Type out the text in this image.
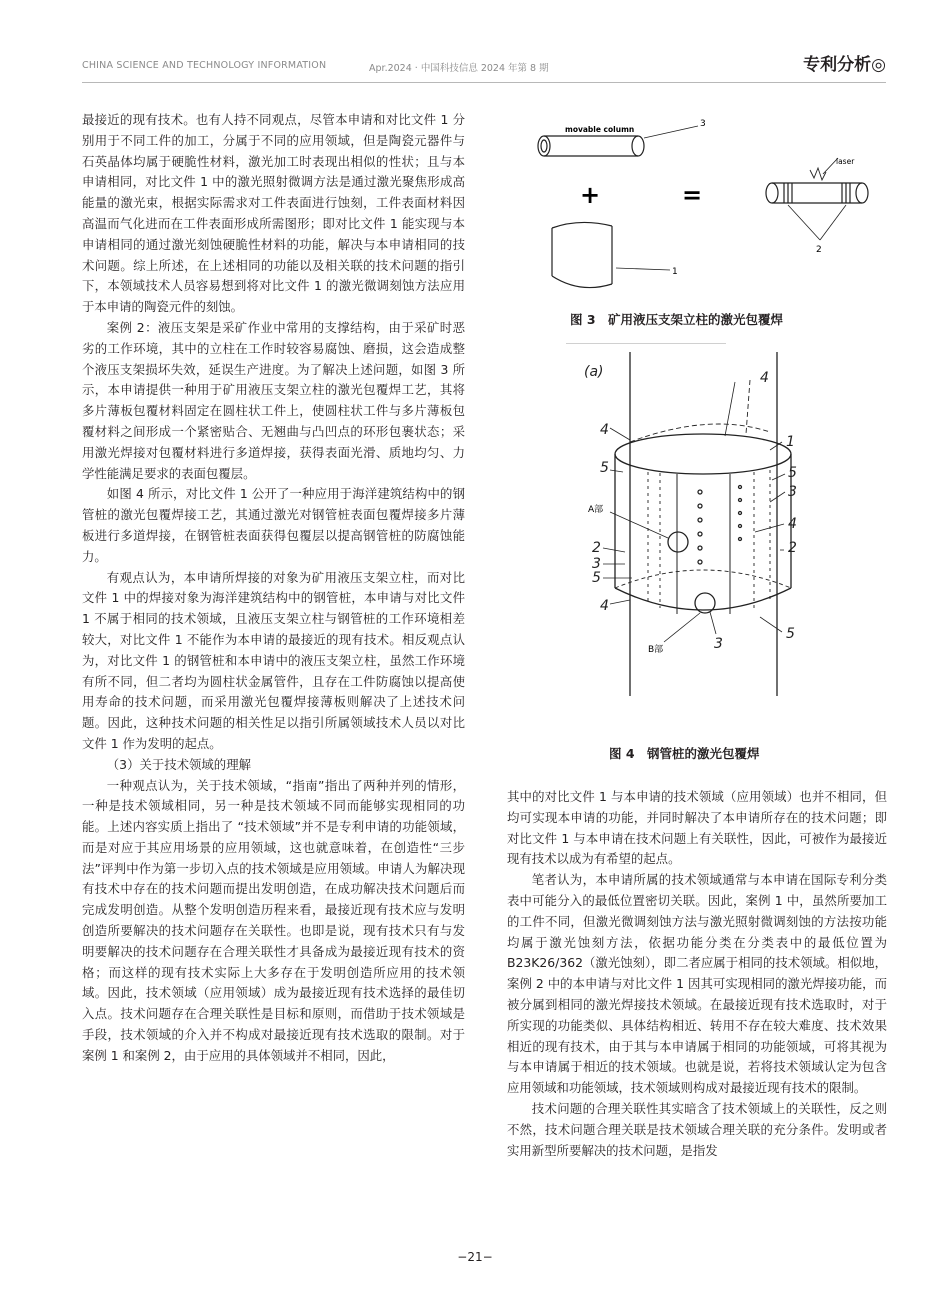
CHINA SCIENCE AND TECHNOLOGY INFORMATION	Apr.2024 · 中国科技信息 2024 年第 8 期	专利分析◎

最接近的现有技术。也有人持不同观点，尽管本申请和对比文件 1 分别用于不同工件的加工，分属于不同的应用领域，但是陶瓷元器件与石英晶体均属于硬脆性材料，激光加工时表现出相似的性状；且与本申请相同，对比文件 1 中的激光照射微调方法是通过激光聚焦形成高能量的激光束，根据实际需求对工件表面进行蚀刻，工件表面材料因高温而气化进而在工件表面形成所需图形；即对比文件 1 能实现与本申请相同的通过激光刻蚀硬脆性材料的功能，解决与本申请相同的技术问题。综上所述，在上述相同的功能以及相关联的技术问题的指引下，本领域技术人员容易想到将对比文件 1 的激光微调刻蚀方法应用于本申请的陶瓷元件的刻蚀。

案例 2：液压支架是采矿作业中常用的支撑结构，由于采矿时恶劣的工作环境，其中的立柱在工作时较容易腐蚀、磨损，这会造成整个液压支架损坏失效，延误生产进度。为了解决上述问题，如图 3 所示，本申请提供一种用于矿用液压支架立柱的激光包覆焊工艺，其将多片薄板包覆材料固定在圆柱状工件上，使圆柱状工件与多片薄板包覆材料之间形成一个紧密贴合、无翘曲与凸凹点的环形包裹状态；采用激光焊接对包覆材料进行多道焊接，获得表面光滑、质地均匀、力学性能满足要求的表面包覆层。

如图 4 所示，对比文件 1 公开了一种应用于海洋建筑结构中的钢管桩的激光包覆焊接工艺，其通过激光对钢管桩表面包覆焊接多片薄板进行多道焊接，在钢管桩表面获得包覆层以提高钢管桩的防腐蚀能力。

有观点认为，本申请所焊接的对象为矿用液压支架立柱，而对比文件 1 中的焊接对象为海洋建筑结构中的钢管桩，本申请与对比文件 1 不属于相同的技术领域，且液压支架立柱与钢管桩的工作环境相差较大，对比文件 1 不能作为本申请的最接近的现有技术。相反观点认为，对比文件 1 的钢管桩和本申请中的液压支架立柱，虽然工作环境有所不同，但二者均为圆柱状金属管件，且存在工件防腐蚀以提高使用寿命的技术问题，而采用激光包覆焊接薄板则解决了上述技术问题。因此，这种技术问题的相关性足以指引所属领域技术人员以对比文件 1 作为发明的起点。

（3）关于技术领域的理解

一种观点认为，关于技术领域，“指南”指出了两种并列的情形，一种是技术领域相同，另一种是技术领域不同而能够实现相同的功能。上述内容实质上指出了 “技术领域”并不是专利申请的功能领域，而是对应于其应用场景的应用领域，这也就意味着，在创造性“三步法”评判中作为第一步切入点的技术领域是应用领域。申请人为解决现有技术中存在的技术问题而提出发明创造，在成功解决技术问题后而完成发明创造。从整个发明创造历程来看，最接近现有技术应与发明创造所要解决的技术问题存在关联性。也即是说，现有技术只有与发明要解决的技术问题存在合理关联性才具备成为最接近现有技术的资格；而这样的现有技术实际上大多存在于发明创造所应用的技术领域。因此，技术领域（应用领域）成为最接近现有技术选择的最佳切入点。技术问题存在合理关联性是目标和原则，而借助于技术领域是手段，技术领域的介入并不构成对最接近现有技术选取的限制。对于案例 1 和案例 2，由于应用的具体领域并不相同，因此，

movable column
3
+	=
1
laser
2
图 3　矿用液压支架立柱的激光包覆焊
(a)
4
4
1
5	5
3
4
2
2
3
5
4
3
5
A部
B部
图 4　钢管桩的激光包覆焊

其中的对比文件 1 与本申请的技术领域（应用领域）也并不相同，但均可实现本申请的功能，并同时解决了本申请所存在的技术问题；即对比文件 1 与本申请在技术问题上有关联性，因此，可被作为最接近现有技术以成为有希望的起点。

笔者认为，本申请所属的技术领域通常与本申请在国际专利分类表中可能分入的最低位置密切关联。因此，案例 1 中，虽然所要加工的工件不同，但激光微调刻蚀方法与激光照射微调刻蚀的方法按功能均属于激光蚀刻方法，依据功能分类在分类表中的最低位置为 B23K26/362（激光蚀刻），即二者应属于相同的技术领域。相似地，案例 2 中的本申请与对比文件 1 因其可实现相同的激光焊接功能，而被分属到相同的激光焊接技术领域。在最接近现有技术选取时，对于所实现的功能类似、具体结构相近、转用不存在较大难度、技术效果相近的现有技术，由于其与本申请属于相同的功能领域，可将其视为与本申请属于相近的技术领域。也就是说，若将技术领域认定为包含应用领域和功能领域，技术领域则构成对最接近现有技术的限制。

技术问题的合理关联性其实暗含了技术领域上的关联性，反之则不然，技术问题合理关联是技术领域合理关联的充分条件。发明或者实用新型所要解决的技术问题，是指发

−21−
